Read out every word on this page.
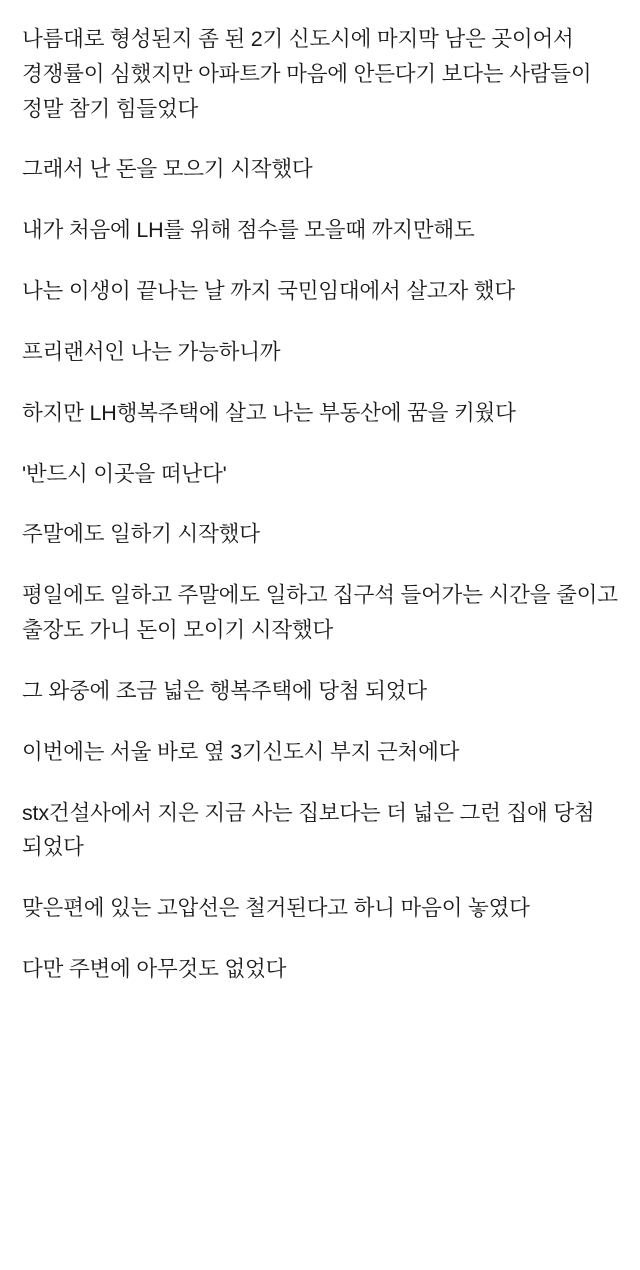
나름대로 형성된지 좀 된 2기 신도시에 마지막 남은 곳이어서 경쟁률이 심했지만 아파트가 마음에 안든다기 보다는 사람들이 정말 참기 힘들었다

그래서 난 돈을 모으기 시작했다

내가 처음에 LH를 위해 점수를 모을때 까지만해도

나는 이생이 끝나는 날 까지 국민임대에서 살고자 했다

프리랜서인 나는 가능하니까

하지만 LH행복주택에 살고 나는 부동산에 꿈을 키웠다

'반드시 이곳을 떠난다'

주말에도 일하기 시작했다

평일에도 일하고 주말에도 일하고 집구석 들어가는 시간을 줄이고 출장도 가니 돈이 모이기 시작했다

그 와중에 조금 넓은 행복주택에 당첨 되었다

이번에는 서울 바로 옆 3기신도시 부지 근처에다

stx건설사에서 지은 지금 사는 집보다는 더 넓은 그런 집애 당첨 되었다

맞은편에 있는 고압선은 철거된다고 하니 마음이 놓였다

다만 주변에 아무것도 없었다
